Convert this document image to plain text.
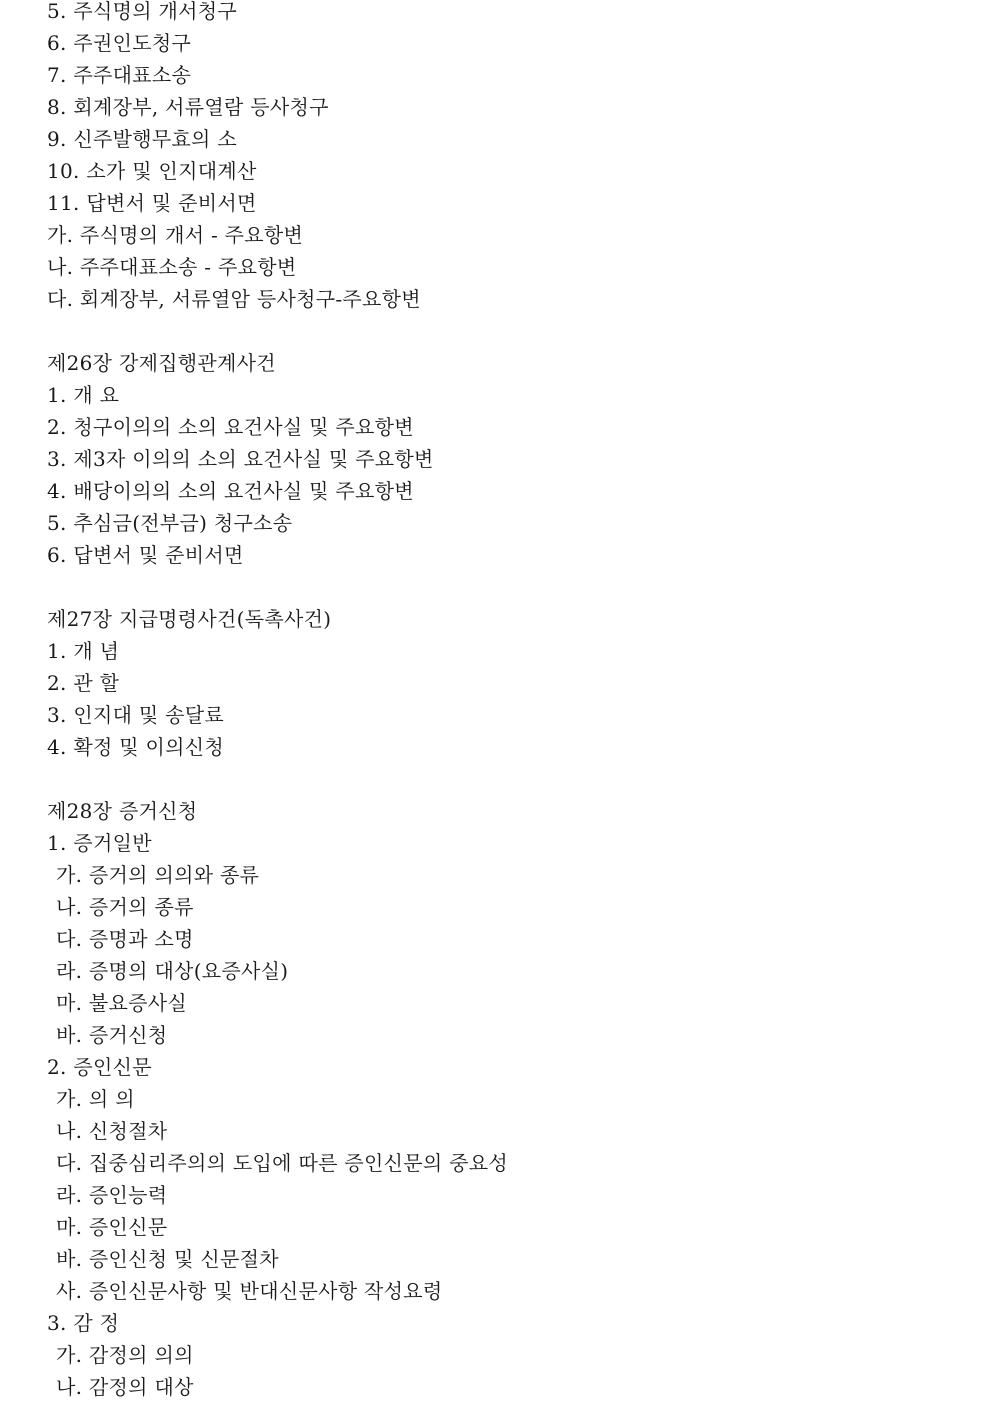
5. 주식명의 개서청구
6. 주권인도청구
7. 주주대표소송
8. 회계장부, 서류열람 등사청구
9. 신주발행무효의 소
10. 소가 및 인지대계산
11. 답변서 및 준비서면
가. 주식명의 개서 - 주요항변
나. 주주대표소송 - 주요항변
다. 회계장부, 서류열암 등사청구-주요항변
제26장 강제집행관계사건
1. 개 요
2. 청구이의의 소의 요건사실 및 주요항변
3. 제3자 이의의 소의 요건사실 및 주요항변
4. 배당이의의 소의 요건사실 및 주요항변
5. 추심금(전부금) 청구소송
6. 답변서 및 준비서면
제27장 지급명령사건(독촉사건)
1. 개 념
2. 관 할
3. 인지대 및 송달료
4. 확정 및 이의신청
제28장 증거신청
1. 증거일반
가. 증거의 의의와 종류
나. 증거의 종류
다. 증명과 소명
라. 증명의 대상(요증사실)
마. 불요증사실
바. 증거신청
2. 증인신문
가. 의 의
나. 신청절차
다. 집중심리주의의 도입에 따른 증인신문의 중요성
라. 증인능력
마. 증인신문
바. 증인신청 및 신문절차
사. 증인신문사항 및 반대신문사항 작성요령
3. 감 정
가. 감정의 의의
나. 감정의 대상
